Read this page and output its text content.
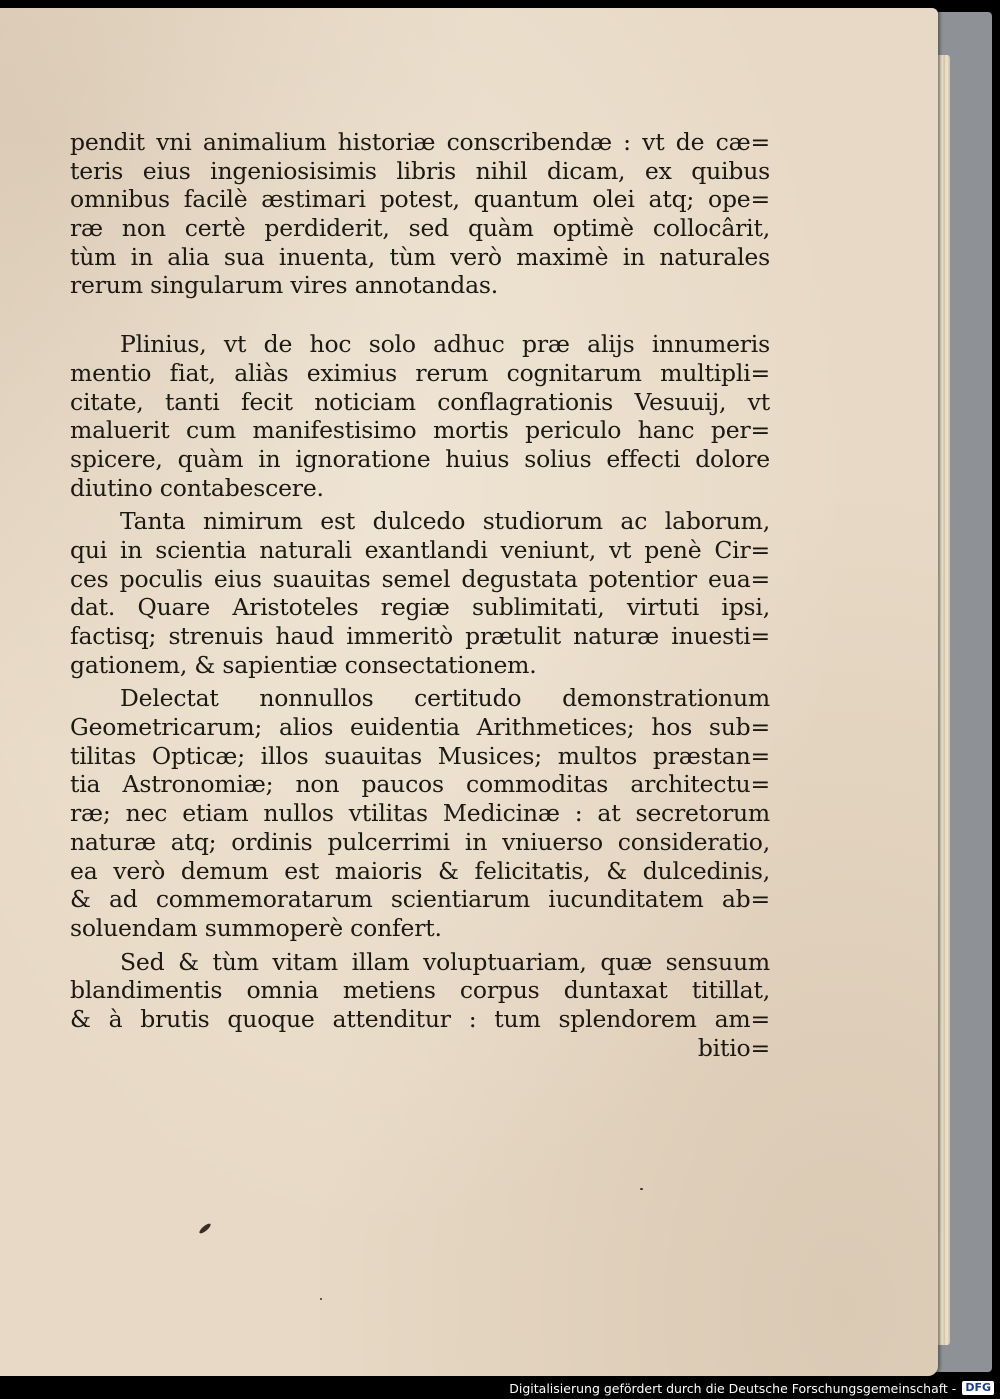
pendit vni animalium historiæ conscribendæ : vt de cæ=
teris eius ingeniosisimis libris nihil dicam, ex quibus
omnibus facilè æstimari potest, quantum olei atq; ope=
ræ non certè perdiderit, sed quàm optimè collocârit,
tùm in alia sua inuenta, tùm verò maximè in naturales
rerum singularum vires annotandas.

Plinius, vt de hoc solo adhuc præ alijs innumeris
mentio fiat, aliàs eximius rerum cognitarum multipli=
citate, tanti fecit noticiam conflagrationis Vesuuij, vt
maluerit cum manifestisimo mortis periculo hanc per=
spicere, quàm in ignoratione huius solius effecti dolore
diutino contabescere.

Tanta nimirum est dulcedo studiorum ac laborum,
qui in scientia naturali exantlandi veniunt, vt penè Cir=
ces poculis eius suauitas semel degustata potentior eua=
dat. Quare Aristoteles regiæ sublimitati, virtuti ipsi,
factisq; strenuis haud immeritò prætulit naturæ inuesti=
gationem, & sapientiæ consectationem.

Delectat nonnullos certitudo demonstrationum
Geometricarum; alios euidentia Arithmetices; hos sub=
tilitas Opticæ; illos suauitas Musices; multos præstan=
tia Astronomiæ; non paucos commoditas architectu=
ræ; nec etiam nullos vtilitas Medicinæ : at secretorum
naturæ atq; ordinis pulcerrimi in vniuerso consideratio,
ea verò demum est maioris & felicitatis, & dulcedinis,
& ad commemoratarum scientiarum iucunditatem ab=
soluendam summoperè confert.

Sed & tùm vitam illam voluptuariam, quæ sensuum
blandimentis omnia metiens corpus duntaxat titillat,
& à brutis quoque attenditur : tum splendorem am=
bitio=

Digitalisierung gefördert durch die Deutsche Forschungsgemeinschaft - DFG
